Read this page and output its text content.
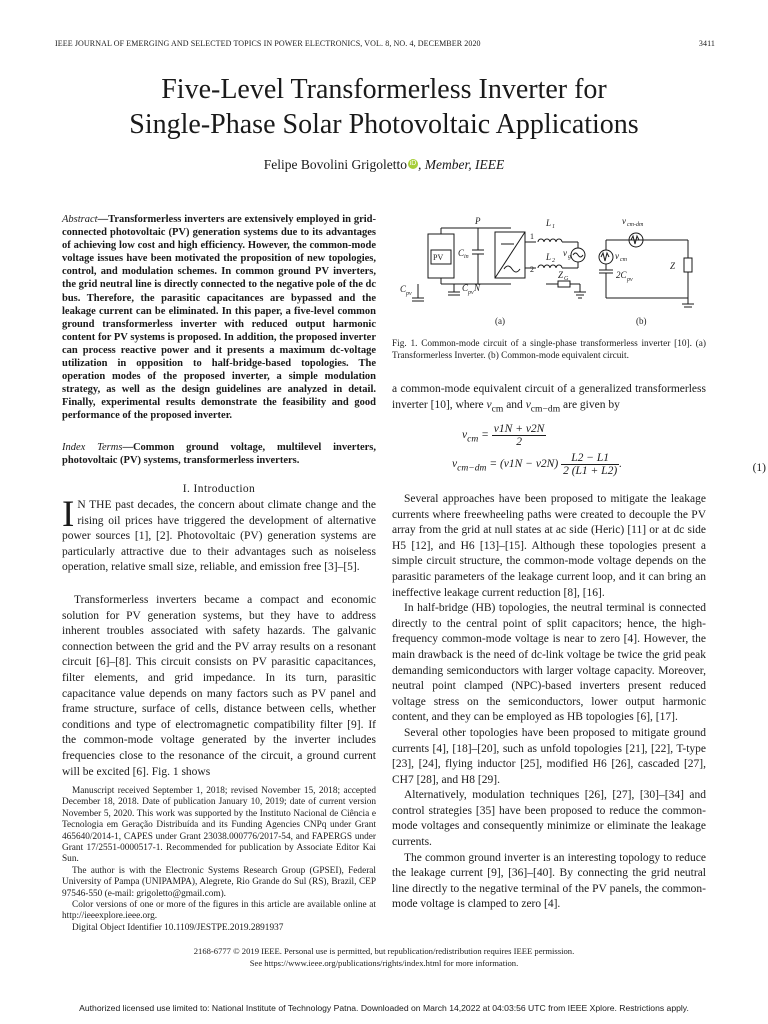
IEEE JOURNAL OF EMERGING AND SELECTED TOPICS IN POWER ELECTRONICS, VOL. 8, NO. 4, DECEMBER 2020	3411
Five-Level Transformerless Inverter for
Single-Phase Solar Photovoltaic Applications
Felipe Bovolini Grigoletto iD , Member, IEEE
Abstract—Transformerless inverters are extensively employed in grid-connected photovoltaic (PV) generation systems due to its advantages of achieving low cost and high efficiency. However, the common-mode voltage issues have been motivated the proposition of new topologies, control, and modulation schemes. In common ground PV inverters, the grid neutral line is directly connected to the negative pole of the dc bus. Therefore, the parasitic capacitances are bypassed and the leakage current can be eliminated. In this paper, a five-level common ground transformerless inverter with reduced output harmonic content for PV systems is proposed. In addition, the proposed inverter can process reactive power and it presents a maximum dc-voltage utilization in opposition to half-bridge-based topologies. The operation modes of the proposed inverter, a simple modulation strategy, as well as the design guidelines are analyzed in detail. Finally, experimental results demonstrate the feasibility and good performance of the proposed inverter.
Index Terms—Common ground voltage, multilevel inverters, photovoltaic (PV) systems, transformerless inverters.
I. Introduction
I N THE past decades, the concern about climate change and the rising oil prices have triggered the development of alternative power sources [1], [2]. Photovoltaic (PV) generation systems are particularly attractive due to their advantages such as noiseless operation, relative small size, reliable, and emission free [3]–[5].
Transformerless inverters became a compact and economic solution for PV generation systems, but they have to address inherent troubles associated with safety hazards. The galvanic connection between the grid and the PV array results on a resonant circuit [6]–[8]. This circuit consists on PV parasitic capacitances, filter elements, and grid impedance. In its turn, parasitic capacitance value depends on many factors such as PV panel and frame structure, surface of cells, distance between cells, whether conditions and type of electromagnetic compatibility filter [9]. If the common-mode voltage generated by the inverter includes frequencies close to the resonance of the circuit, a ground current will be excited [6]. Fig. 1 shows

Manuscript received September 1, 2018; revised November 15, 2018; accepted December 18, 2018. Date of publication January 10, 2019; date of current version November 5, 2020. This work was supported by the Instituto Nacional de Ciência e Tecnologia em Geração Distribuída and its Funding Agencies CNPq under Grant 465640/2014-1, CAPES under Grant 23038.000776/2017-54, and FAPERGS under Grant 17/2551-0000517-1. Recommended for publication by Associate Editor Kai Sun.

The author is with the Electronic Systems Research Group (GPSEI), Federal University of Pampa (UNIPAMPA), Alegrete, Rio Grande do Sul (RS), Brazil, CEP 97546-550 (e-mail: grigoletto@gmail.com).

Color versions of one or more of the figures in this article are available online at http://ieeexplore.ieee.org.

Digital Object Identifier 10.1109/JESTPE.2019.2891937

P
PV C in
N
C pv
C pv
L 1
L 2
v g
Z G
1
2
v cm-dm
v cm
Z
2C pv
(a)	(b)
Fig. 1. Common-mode circuit of a single-phase transformerless inverter [10]. (a) Transformerless Inverter. (b) Common-mode equivalent circuit.
a common-mode equivalent circuit of a generalized transformerless inverter [10], where $v_{cm}$ and $v_{cm-dm}$ are given by
$v_{cm} = \frac{v1N + v2N}{2}$
$v_{cm-dm} = (v1N - v2N) \frac{L2 - L1}{2 (L1 + L2)}$ .	(1)

Several approaches have been proposed to mitigate the leakage currents where freewheeling paths were created to decouple the PV array from the grid at null states at ac side (Heric) [11] or at dc side H5 [12], and H6 [13]–[15]. Although these topologies present a simple circuit structure, the common-mode voltage depends on the parasitic parameters of the leakage current loop, and it can bring an ineffective leakage current reduction [8], [16].

In half-bridge (HB) topologies, the neutral terminal is connected directly to the central point of split capacitors; hence, the high-frequency common-mode voltage is near to zero [4]. However, the main drawback is the need of dc-link voltage be twice the grid peak demanding semiconductors with larger voltage capacity. Moreover, neutral point clamped (NPC)-based inverters present reduced voltage stress on the semiconductors, lower output harmonic content, and they can be employed as HB topologies [6], [17].

Several other topologies have been proposed to mitigate ground currents [4], [18]–[20], such as unfold topologies [21], [22], T-type [23], [24], flying inductor [25], modified H6 [26], cascaded [27], CH7 [28], and H8 [29].

Alternatively, modulation techniques [26], [27], [30]–[34] and control strategies [35] have been proposed to reduce the common-mode voltages and consequently minimize or eliminate the leakage currents.

The common ground inverter is an interesting topology to reduce the leakage current [9], [36]–[40]. By connecting the grid neutral line directly to the negative terminal of the PV panels, the common-mode voltage is clamped to zero [4].

2168-6777 © 2019 IEEE. Personal use is permitted, but republication/redistribution requires IEEE permission.
See https://www.ieee.org/publications/rights/index.html for more information.
Authorized licensed use limited to: National Institute of Technology Patna. Downloaded on March 14,2022 at 04:03:56 UTC from IEEE Xplore. Restrictions apply.
